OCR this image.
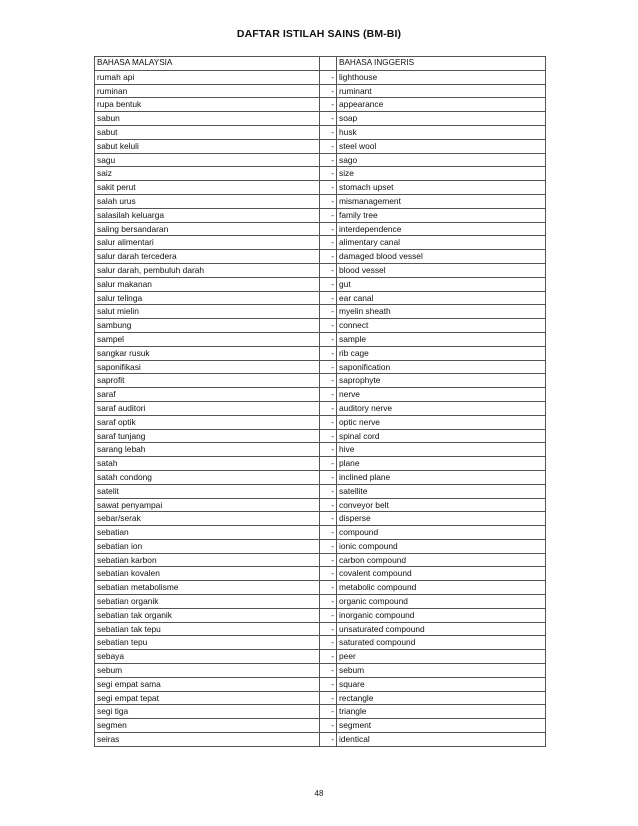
DAFTAR ISTILAH SAINS (BM-BI)
BAHASA MALAYSIA		BAHASA INGGERIS
rumah api	-	lighthouse
ruminan	-	ruminant
rupa bentuk	-	appearance
sabun	-	soap
sabut	-	husk
sabut keluli	-	steel wool
sagu	-	sago
saiz	-	size
sakit perut	-	stomach upset
salah urus	-	mismanagement
salasilah keluarga	-	family tree
saling bersandaran	-	interdependence
salur alimentari	-	alimentary canal
salur darah tercedera	-	damaged blood vessel
salur darah, pembuluh darah	-	blood vessel
salur makanan	-	gut
salur telinga	-	ear canal
salut mielin	-	myelin sheath
sambung	-	connect
sampel	-	sample
sangkar rusuk	-	rib cage
saponifikasi	-	saponification
saprofit	-	saprophyte
saraf	-	nerve
saraf auditori	-	auditory nerve
saraf optik	-	optic nerve
saraf tunjang	-	spinal cord
sarang lebah	-	hive
satah	-	plane
satah condong	-	inclined plane
satelit	-	satellite
sawat penyampai	-	conveyor belt
sebar/serak	-	disperse
sebatian	-	compound
sebatian ion	-	ionic compound
sebatian karbon	-	carbon compound
sebatian kovalen	-	covalent compound
sebatian metabolisme	-	metabolic compound
sebatian organik	-	organic compound
sebatian tak organik	-	inorganic compound
sebatian tak tepu	-	unsaturated compound
sebatian tepu	-	saturated compound
sebaya	-	peer
sebum	-	sebum
segi empat sama	-	square
segi empat tepat	-	rectangle
segi tiga	-	triangle
segmen	-	segment
seiras	-	identical
48
